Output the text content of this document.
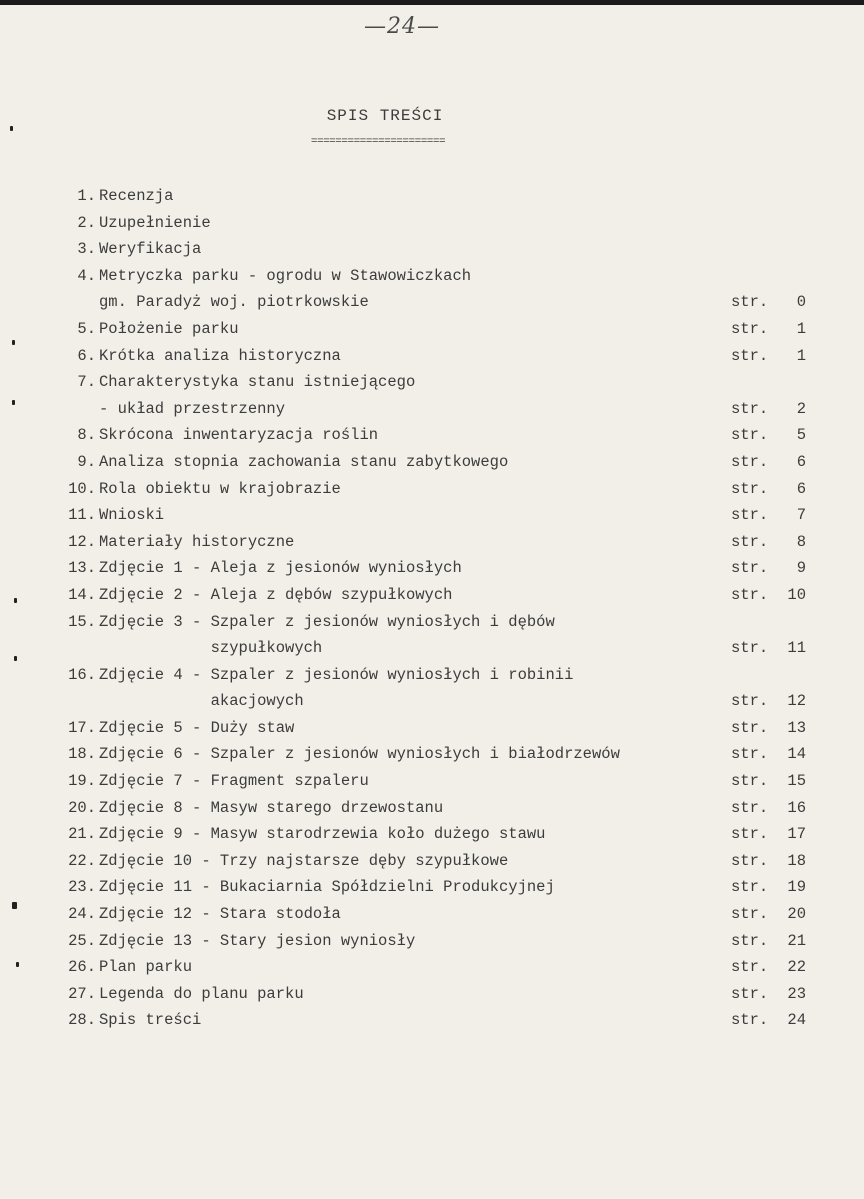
—24—
SPIS TREŚCI
======================
1. Recenzja
2. Uzupełnienie
3. Weryfikacja
4. Metryczka parku - ogrodu w Stawowiczkach
gm. Paradyż woj. piotrkowskie	str. 0
5. Położenie parku	str. 1
6. Krótka analiza historyczna	str. 1
7. Charakterystyka stanu istniejącego
- układ przestrzenny	str. 2
8. Skrócona inwentaryzacja roślin	str. 5
9. Analiza stopnia zachowania stanu zabytkowego	str. 6
10. Rola obiektu w krajobrazie	str. 6
11. Wnioski	str. 7
12. Materiały historyczne	str. 8
13. Zdjęcie 1 - Aleja z jesionów wyniosłych	str. 9
14. Zdjęcie 2 - Aleja z dębów szypułkowych	str. 10
15. Zdjęcie 3 - Szpaler z jesionów wyniosłych i dębów
szypułkowych	str. 11
16. Zdjęcie 4 - Szpaler z jesionów wyniosłych i robinii
akacjowych	str. 12
17. Zdjęcie 5 - Duży staw	str. 13
18. Zdjęcie 6 - Szpaler z jesionów wyniosłych i białodrzewów	str. 14
19. Zdjęcie 7 - Fragment szpaleru	str. 15
20. Zdjęcie 8 - Masyw starego drzewostanu	str. 16
21. Zdjęcie 9 - Masyw starodrzewia koło dużego stawu	str. 17
22. Zdjęcie 10 - Trzy najstarsze dęby szypułkowe	str. 18
23. Zdjęcie 11 - Bukaciarnia Spółdzielni Produkcyjnej	str. 19
24. Zdjęcie 12 - Stara stodoła	str. 20
25. Zdjęcie 13 - Stary jesion wyniosły	str. 21
26. Plan parku	str. 22
27. Legenda do planu parku	str. 23
28. Spis treści	str. 24
